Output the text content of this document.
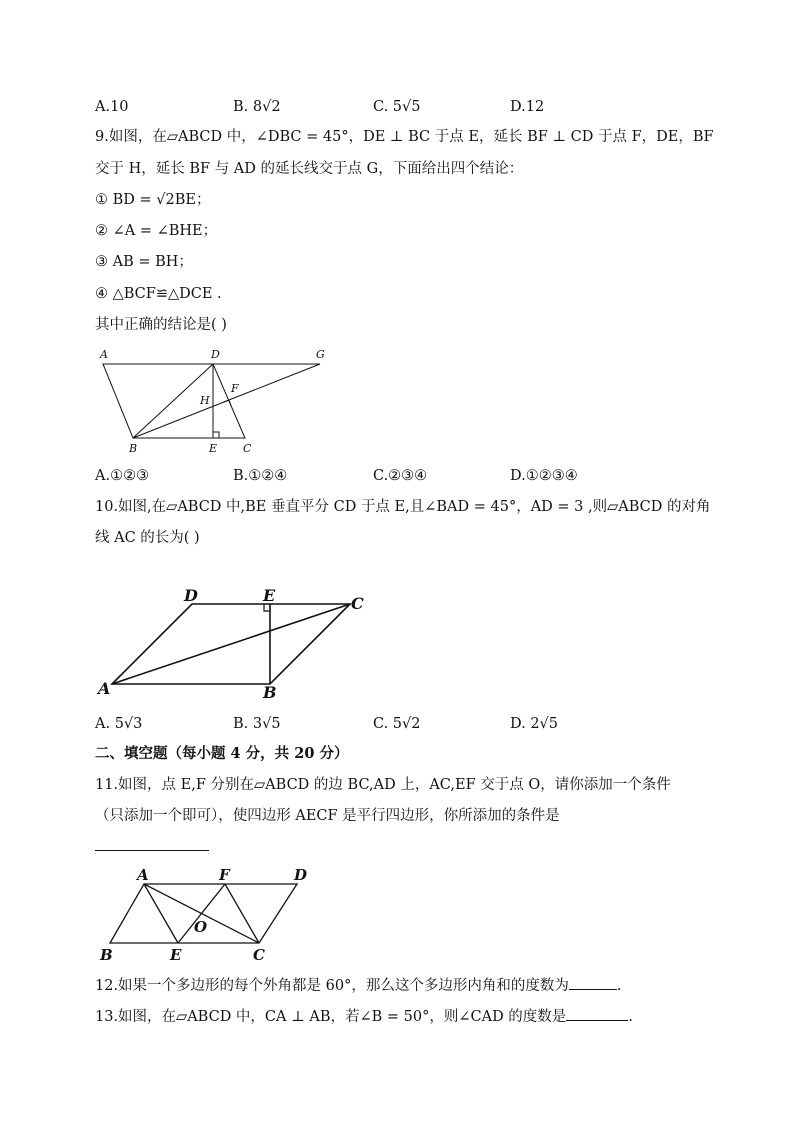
A.10	B. 8√2	C. 5√5	D.12
9.如图，在▱ABCD 中，∠DBC = 45°，DE ⊥ BC 于点 E，延长 BF ⊥ CD 于点 F，DE，BF
交于 H，延长 BF 与 AD 的延长线交于点 G，下面给出四个结论：
① BD = √2BE；
② ∠A = ∠BHE；
③ AB = BH；
④ △BCF≌△DCE .
其中正确的结论是( )
A	D	G
F
H
B	E C
A.①②③	B.①②④	C.②③④	D.①②③④
10.如图,在▱ABCD 中,BE 垂直平分 CD 于点 E,且∠BAD = 45°，AD = 3 ,则▱ABCD 的对角
线 AC 的长为( )
D	E	C
A	B
A. 5√3	B. 3√5	C. 5√2	D. 2√5
二、填空题（每小题 4 分，共 20 分）
11.如图，点 E,F 分别在▱ABCD 的边 BC,AD 上，AC,EF 交于点 O，请你添加一个条件
（只添加一个即可），使四边形 AECF 是平行四边形，你所添加的条件是
A	F	D
O
B	E	C
12.如果一个多边形的每个外角都是 60°，那么这个多边形内角和的度数为	.
13.如图，在▱ABCD 中，CA ⊥ AB，若∠B = 50°，则∠CAD 的度数是	.
